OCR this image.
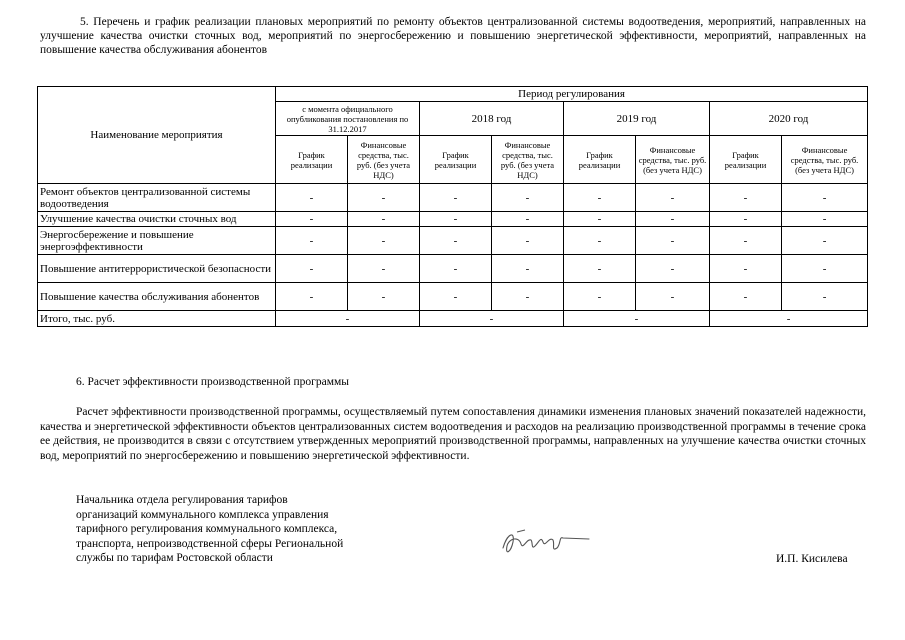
5. Перечень и график реализации плановых мероприятий по ремонту объектов централизованной системы водоотведения, мероприятий, направленных на улучшение качества очистки сточных вод, мероприятий по энергосбережению и повышению энергетической эффективности, мероприятий, направленных на повышение качества обслуживания абонентов
Наименование мероприятия	Период регулирования							
	с момента официального опубликования постановления по 31.12.2017		2018 год		2019 год		2020 год	
	График реализации	Финансовые средства, тыс. руб. (без учета НДС)	График реализации	Финансовые средства, тыс. руб. (без учета НДС)	График реализации	Финансовые средства, тыс. руб. (без учета НДС)	График реализации	Финансовые средства, тыс. руб. (без учета НДС)
Ремонт объектов централизованной системы водоотведения	-	-	-	-	-	-	-	-
Улучшение качества очистки сточных вод	-	-	-	-	-	-	-	-
Энергосбережение и повышение энергоэффективности	-	-	-	-	-	-	-	-
Повышение антитеррористической безопасности	-	-	-	-	-	-	-	-
Повышение качества обслуживания абонентов	-	-	-	-	-	-	-	-
Итого, тыс. руб.	-		-		-		-	
6. Расчет эффективности производственной программы
Расчет эффективности производственной программы, осуществляемый путем сопоставления динамики изменения плановых значений показателей надежности, качества и энергетической эффективности объектов централизованных систем водоотведения и расходов на реализацию производственной программы в течение срока ее действия, не производится в связи с отсутствием утвержденных мероприятий производственной программы, направленных на улучшение качества очистки сточных вод, мероприятий по энергосбережению и повышению энергетической эффективности.
Начальника отдела регулирования тарифов
организаций коммунального комплекса управления
тарифного регулирования коммунального комплекса,
транспорта, непроизводственной сферы Региональной
службы по тарифам Ростовской области	И.П. Кисилева
